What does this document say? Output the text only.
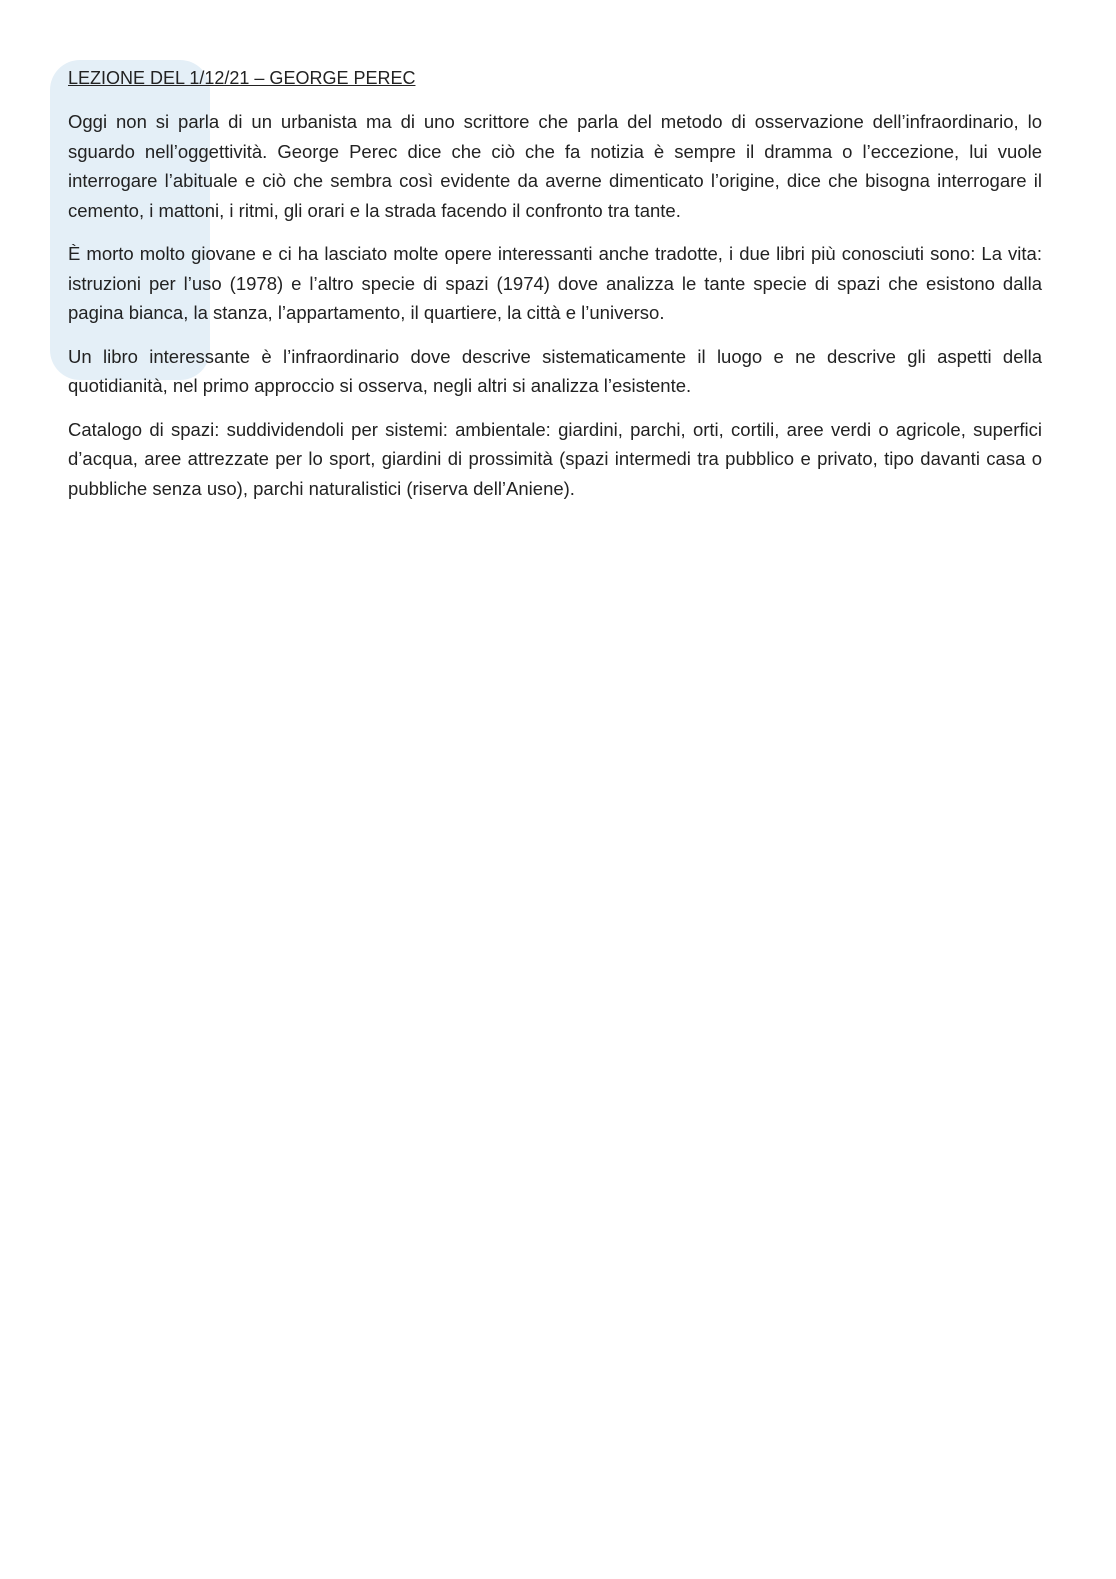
LEZIONE DEL 1/12/21 – GEORGE PEREC

Oggi non si parla di un urbanista ma di uno scrittore che parla del metodo di osservazione dell’infraordinario, lo sguardo nell’oggettività. George Perec dice che ciò che fa notizia è sempre il dramma o l’eccezione, lui vuole interrogare l’abituale e ciò che sembra così evidente da averne dimenticato l’origine, dice che bisogna interrogare il cemento, i mattoni, i ritmi, gli orari e la strada facendo il confronto tra tante.

È morto molto giovane e ci ha lasciato molte opere interessanti anche tradotte, i due libri più conosciuti sono: La vita: istruzioni per l’uso (1978) e l’altro specie di spazi (1974) dove analizza le tante specie di spazi che esistono dalla pagina bianca, la stanza, l’appartamento, il quartiere, la città e l’universo.

Un libro interessante è l’infraordinario dove descrive sistematicamente il luogo e ne descrive gli aspetti della quotidianità, nel primo approccio si osserva, negli altri si analizza l’esistente.

Catalogo di spazi: suddividendoli per sistemi: ambientale: giardini, parchi, orti, cortili, aree verdi o agricole, superfici d’acqua, aree attrezzate per lo sport, giardini di prossimità (spazi intermedi tra pubblico e privato, tipo davanti casa o pubbliche senza uso), parchi naturalistici (riserva dell’Aniene).
